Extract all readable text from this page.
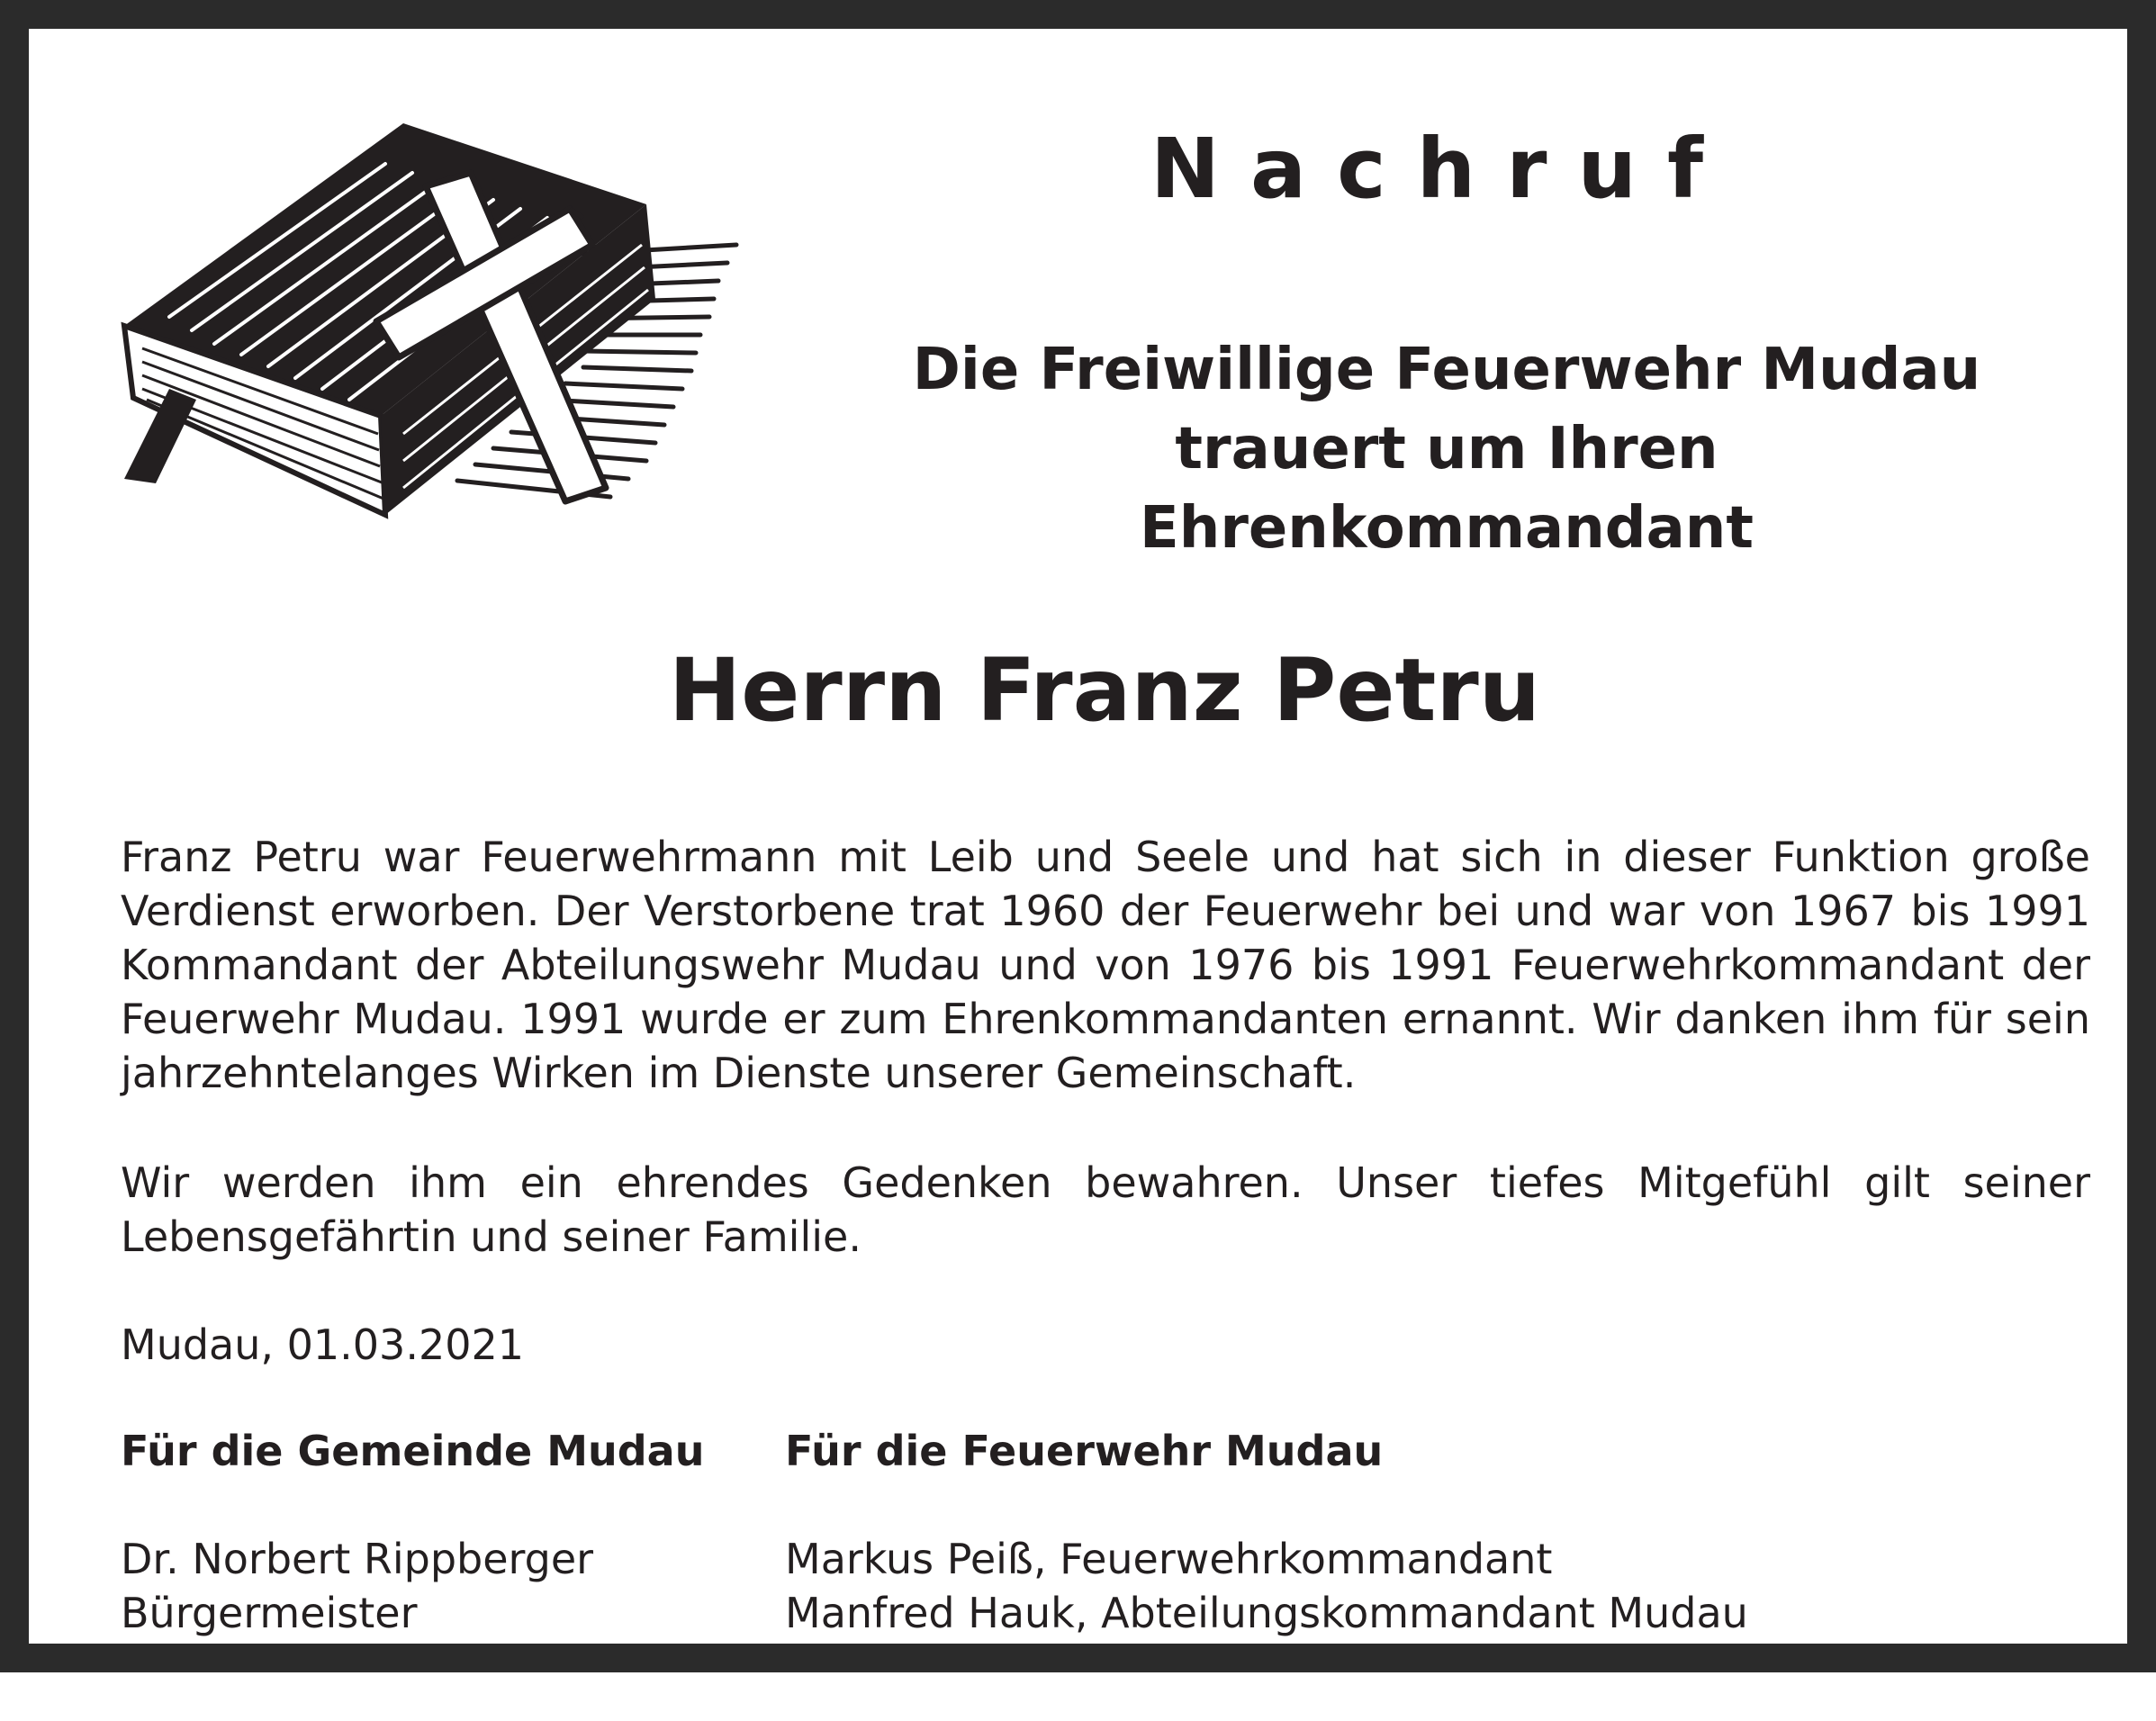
Nachruf
Die Freiwillige Feuerwehr Mudau
trauert um Ihren
Ehrenkommandant
Herrn Franz Petru

Franz Petru war Feuerwehrmann mit Leib und Seele und hat sich in dieser Funktion große Verdienst erworben. Der Verstorbene trat 1960 der Feuerwehr bei und war von 1967 bis 1991 Kommandant der Abteilungswehr Mudau und von 1976 bis 1991 Feuerwehrkommandant der Feuerwehr Mudau. 1991 wurde er zum Ehrenkommandanten ernannt. Wir danken ihm für sein jahrzehntelanges Wirken im Dienste unserer Gemeinschaft.

Wir werden ihm ein ehrendes Gedenken bewahren. Unser tiefes Mitgefühl gilt seiner Lebensgefährtin und seiner Familie.

Mudau, 01.03.2021
Für die Gemeinde Mudau
Dr. Norbert Rippberger
Bürgermeister
Für die Feuerwehr Mudau
Markus Peiß, Feuerwehrkommandant
Manfred Hauk, Abteilungskommandant Mudau
